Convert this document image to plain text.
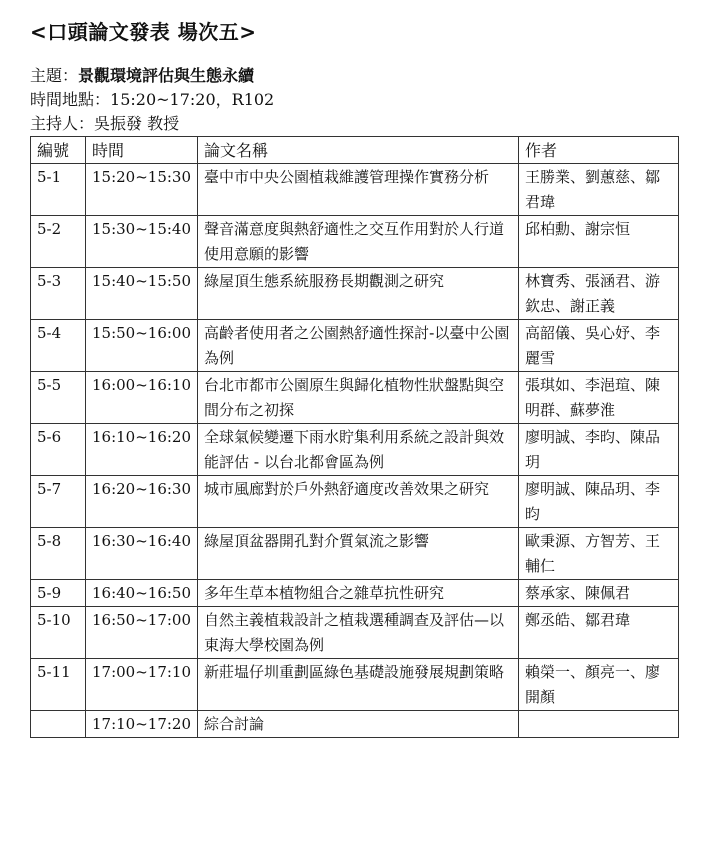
<口頭論文發表 場次五>
主題：景觀環境評估與生態永續
時間地點：15:20~17:20，R102
主持人：吳振發 教授
編號	時間	論文名稱	作者
5-1	15:20~15:30	臺中市中央公園植栽維護管理操作實務分析	王勝業、劉蕙慈、鄒君瑋
5-2	15:30~15:40	聲音滿意度與熱舒適性之交互作用對於人行道使用意願的影響	邱柏勳、謝宗恒
5-3	15:40~15:50	綠屋頂生態系統服務長期觀測之研究	林寶秀、張涵君、游欽忠、謝正義
5-4	15:50~16:00	高齡者使用者之公園熱舒適性探討-以臺中公園為例	高韶儀、吳心妤、李麗雪
5-5	16:00~16:10	台北市都市公園原生與歸化植物性狀盤點與空間分布之初探	張琪如、李浥瑄、陳明群、蘇夢淮
5-6	16:10~16:20	全球氣候變遷下雨水貯集利用系統之設計與效能評估 - 以台北都會區為例	廖明誠、李昀、陳品玥
5-7	16:20~16:30	城市風廊對於戶外熱舒適度改善效果之研究	廖明誠、陳品玥、李昀
5-8	16:30~16:40	綠屋頂盆器開孔對介質氣流之影響	歐秉源、方智芳、王輔仁
5-9	16:40~16:50	多年生草本植物組合之雜草抗性研究	蔡承家、陳佩君
5-10	16:50~17:00	自然主義植栽設計之植栽選種調查及評估—以東海大學校園為例	鄭丞皓、鄒君瑋
5-11	17:00~17:10	新莊塭仔圳重劃區綠色基礎設施發展規劃策略	賴榮一、顏亮一、廖開顏
	17:10~17:20	綜合討論	
